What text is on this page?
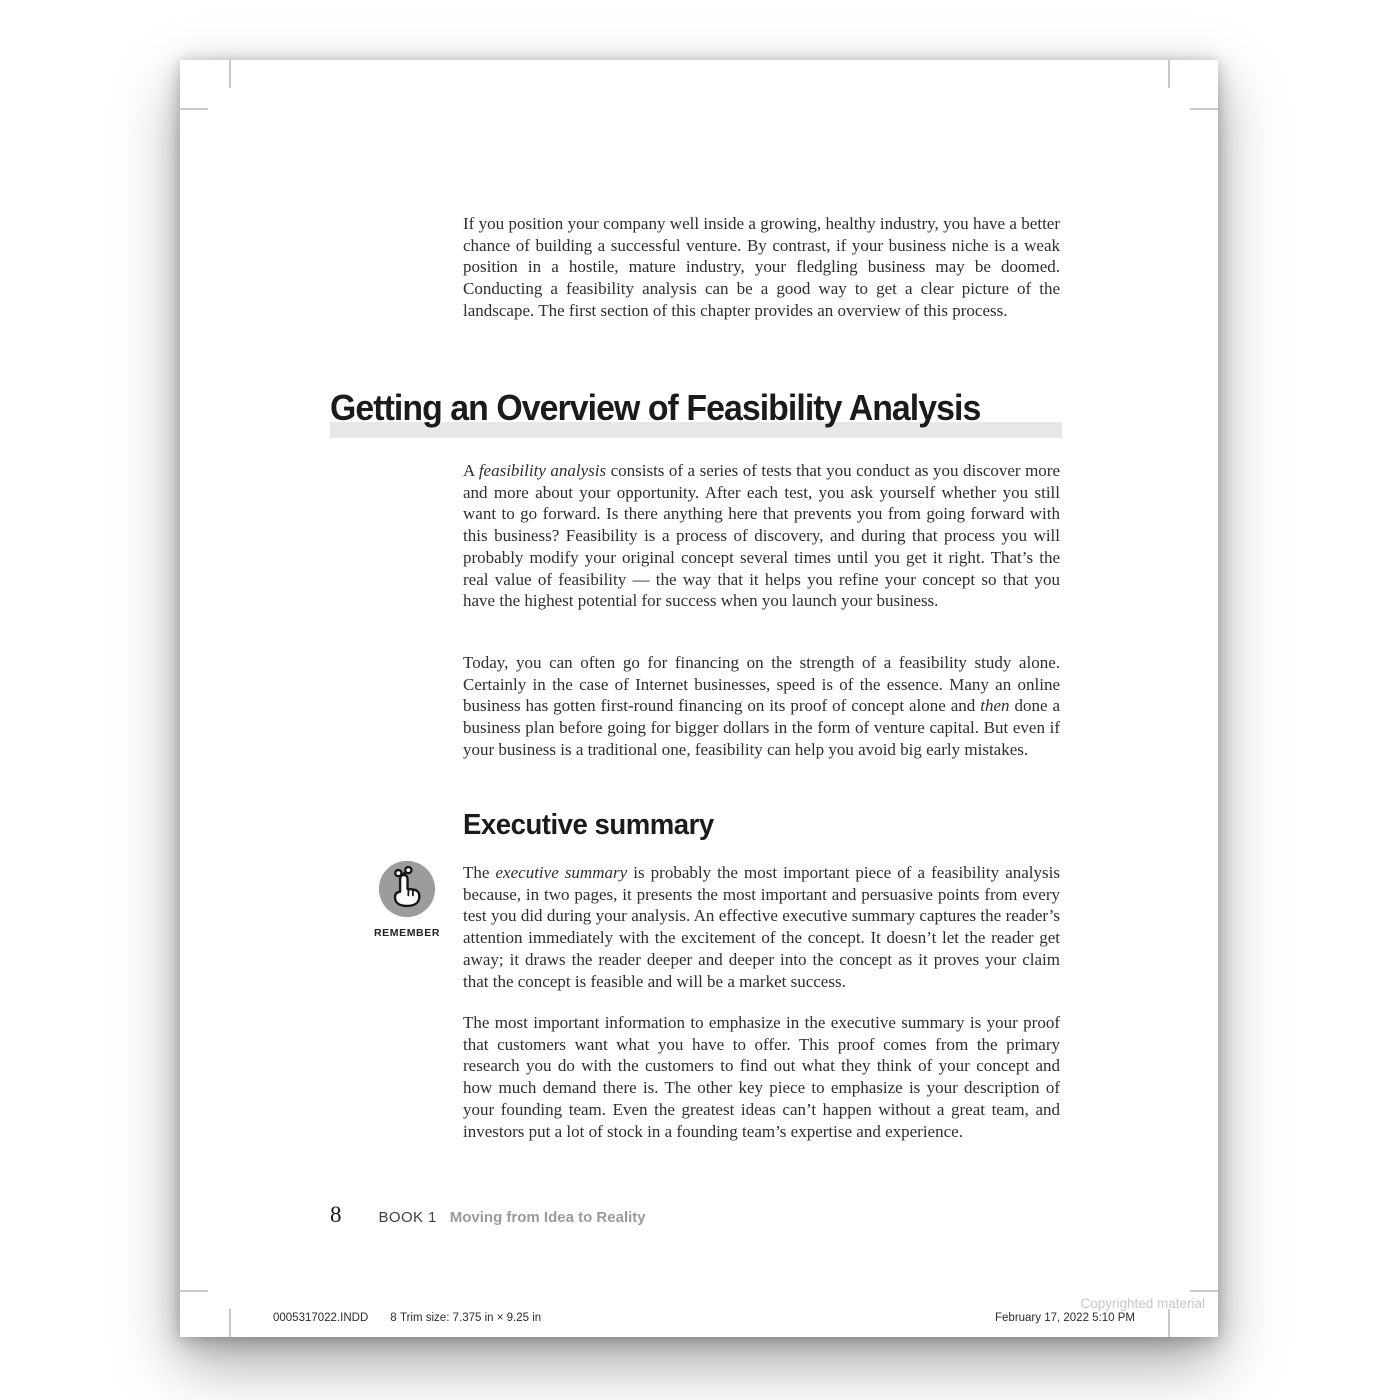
If you position your company well inside a growing, healthy industry, you have a better chance of building a successful venture. By contrast, if your business niche is a weak position in a hostile, mature industry, your fledgling business may be doomed. Conducting a feasibility analysis can be a good way to get a clear picture of the landscape. The first section of this chapter provides an overview of this process.

Getting an Overview of Feasibility Analysis

A feasibility analysis consists of a series of tests that you conduct as you discover more and more about your opportunity. After each test, you ask yourself whether you still want to go forward. Is there anything here that prevents you from going forward with this business? Feasibility is a process of discovery, and during that process you will probably modify your original concept several times until you get it right. That’s the real value of feasibility — the way that it helps you refine your concept so that you have the highest potential for success when you launch your business.

Today, you can often go for financing on the strength of a feasibility study alone. Certainly in the case of Internet businesses, speed is of the essence. Many an online business has gotten first-round financing on its proof of concept alone and then done a business plan before going for bigger dollars in the form of venture capital. But even if your business is a traditional one, feasibility can help you avoid big early mistakes.

Executive summary
REMEMBER

The executive summary is probably the most important piece of a feasibility analysis because, in two pages, it presents the most important and persuasive points from every test you did during your analysis. An effective executive summary captures the reader’s attention immediately with the excitement of the concept. It doesn’t let the reader get away; it draws the reader deeper and deeper into the concept as it proves your claim that the concept is feasible and will be a market success.

The most important information to emphasize in the executive summary is your proof that customers want what you have to offer. This proof comes from the primary research you do with the customers to find out what they think of your concept and how much demand there is. The other key piece to emphasize is your description of your founding team. Even the greatest ideas can’t happen without a great team, and investors put a lot of stock in a founding team’s expertise and experience.

8 BOOK 1 Moving from Idea to Reality
0005317022.INDD 8 Trim size: 7.375 in × 9.25 in	February 17, 2022 5:10 PM
Copyrighted material
